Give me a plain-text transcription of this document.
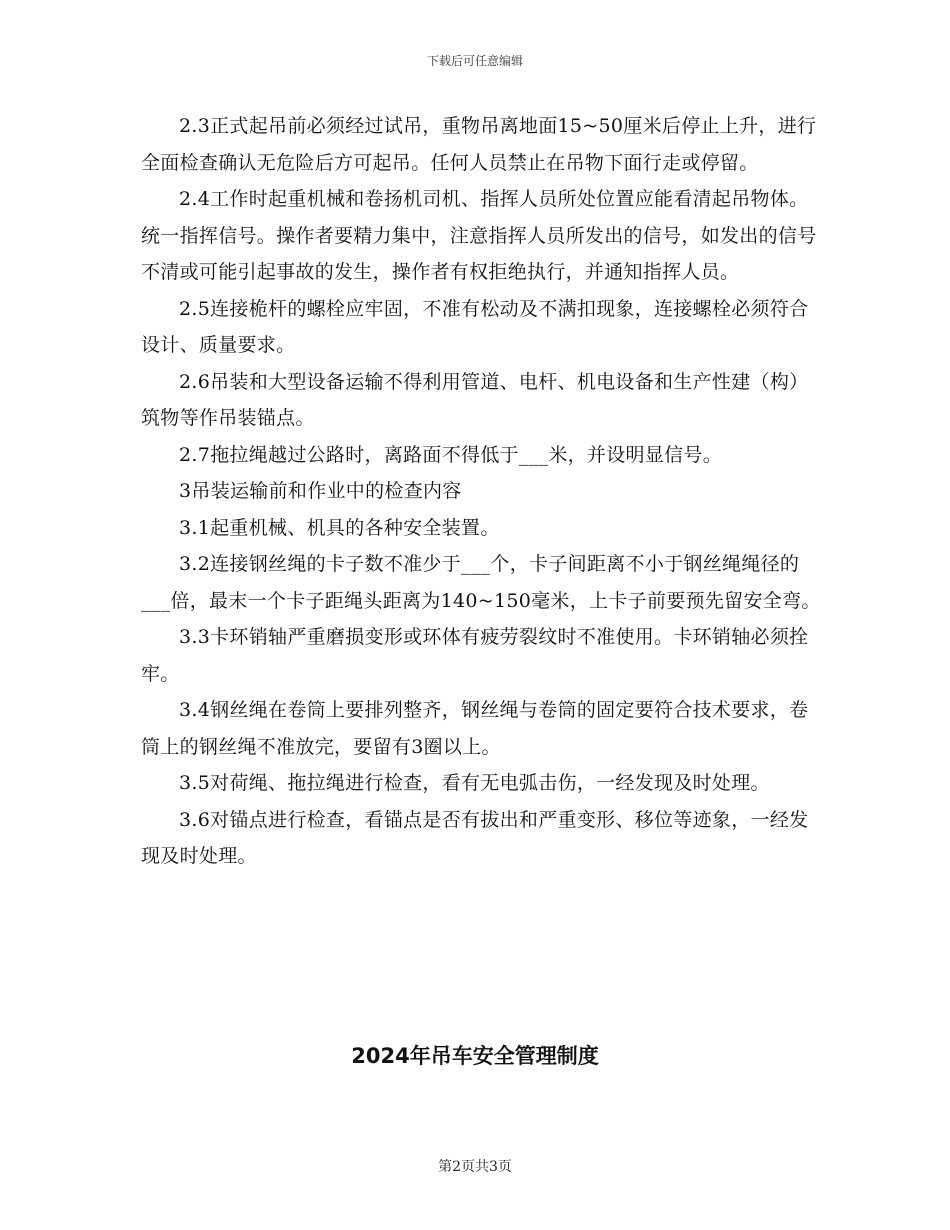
下载后可任意编辑

2.3正式起吊前必须经过试吊，重物吊离地面15~50厘米后停止上升，进行全面检查确认无危险后方可起吊。任何人员禁止在吊物下面行走或停留。

2.4工作时起重机械和卷扬机司机、指挥人员所处位置应能看清起吊物体。统一指挥信号。操作者要精力集中，注意指挥人员所发出的信号，如发出的信号不清或可能引起事故的发生，操作者有权拒绝执行，并通知指挥人员。

2.5连接桅杆的螺栓应牢固，不准有松动及不满扣现象，连接螺栓必须符合设计、质量要求。

2.6吊装和大型设备运输不得利用管道、电杆、机电设备和生产性建（构）筑物等作吊装锚点。

2.7拖拉绳越过公路时，离路面不得低于___米，并设明显信号。

3吊装运输前和作业中的检查内容

3.1起重机械、机具的各种安全装置。

3.2连接钢丝绳的卡子数不准少于___个，卡子间距离不小于钢丝绳绳径的___倍，最末一个卡子距绳头距离为140~150毫米，上卡子前要预先留安全弯。

3.3卡环销轴严重磨损变形或环体有疲劳裂纹时不准使用。卡环销轴必须拴牢。

3.4钢丝绳在卷筒上要排列整齐，钢丝绳与卷筒的固定要符合技术要求，卷筒上的钢丝绳不准放完，要留有3圈以上。

3.5对荷绳、拖拉绳进行检查，看有无电弧击伤，一经发现及时处理。

3.6对锚点进行检查，看锚点是否有拔出和严重变形、移位等迹象，一经发现及时处理。

2024年吊车安全管理制度
第2页共3页
